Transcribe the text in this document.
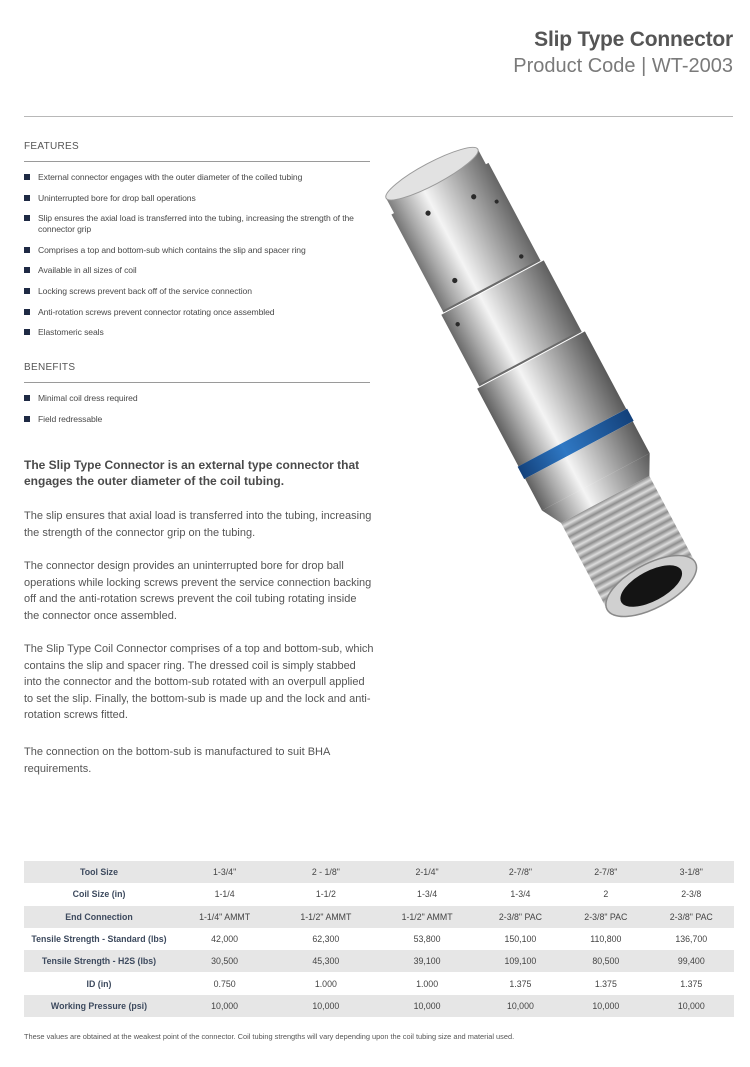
Slip Type Connector
Product Code | WT-2003
FEATURES
External connector engages with the outer diameter of the coiled tubing
Uninterrupted bore for drop ball operations
Slip ensures the axial load is transferred into the tubing, increasing the strength of the connector grip
Comprises a top and bottom-sub which contains the slip and spacer ring
Available in all sizes of coil
Locking screws prevent back off of the service connection
Anti-rotation screws prevent connector rotating once assembled
Elastomeric seals
BENEFITS
Minimal coil dress required
Field redressable
The Slip Type Connector is an external type connector that engages the outer diameter of the coil tubing.
The slip ensures that axial load is transferred into the tubing, increasing the strength of the connector grip on the tubing.
The connector design provides an uninterrupted bore for drop ball operations while locking screws prevent the service connection backing off and the anti-rotation screws prevent the coil tubing rotating inside the connector once assembled.
The Slip Type Coil Connector comprises of a top and bottom-sub, which contains the slip and spacer ring. The dressed coil is simply stabbed into the connector and the bottom-sub rotated with an overpull applied to set the slip. Finally, the bottom-sub is made up and the lock and anti-rotation screws fitted.
The connection on the bottom-sub is manufactured to suit BHA requirements.
Tool Size	1-3/4"	2 - 1/8"	2-1/4"	2-7/8"	2-7/8"	3-1/8"
Coil Size (in)	1-1/4	1-1/2	1-3/4	1-3/4	2	2-3/8
End Connection	1-1/4" AMMT	1-1/2" AMMT	1-1/2" AMMT	2-3/8" PAC	2-3/8" PAC	2-3/8" PAC
Tensile Strength - Standard (lbs)	42,000	62,300	53,800	150,100	110,800	136,700
Tensile Strength - H2S (lbs)	30,500	45,300	39,100	109,100	80,500	99,400
ID (in)	0.750	1.000	1.000	1.375	1.375	1.375
Working Pressure (psi)	10,000	10,000	10,000	10,000	10,000	10,000
These values are obtained at the weakest point of the connector. Coil tubing strengths will vary depending upon the coil tubing size and material used.
